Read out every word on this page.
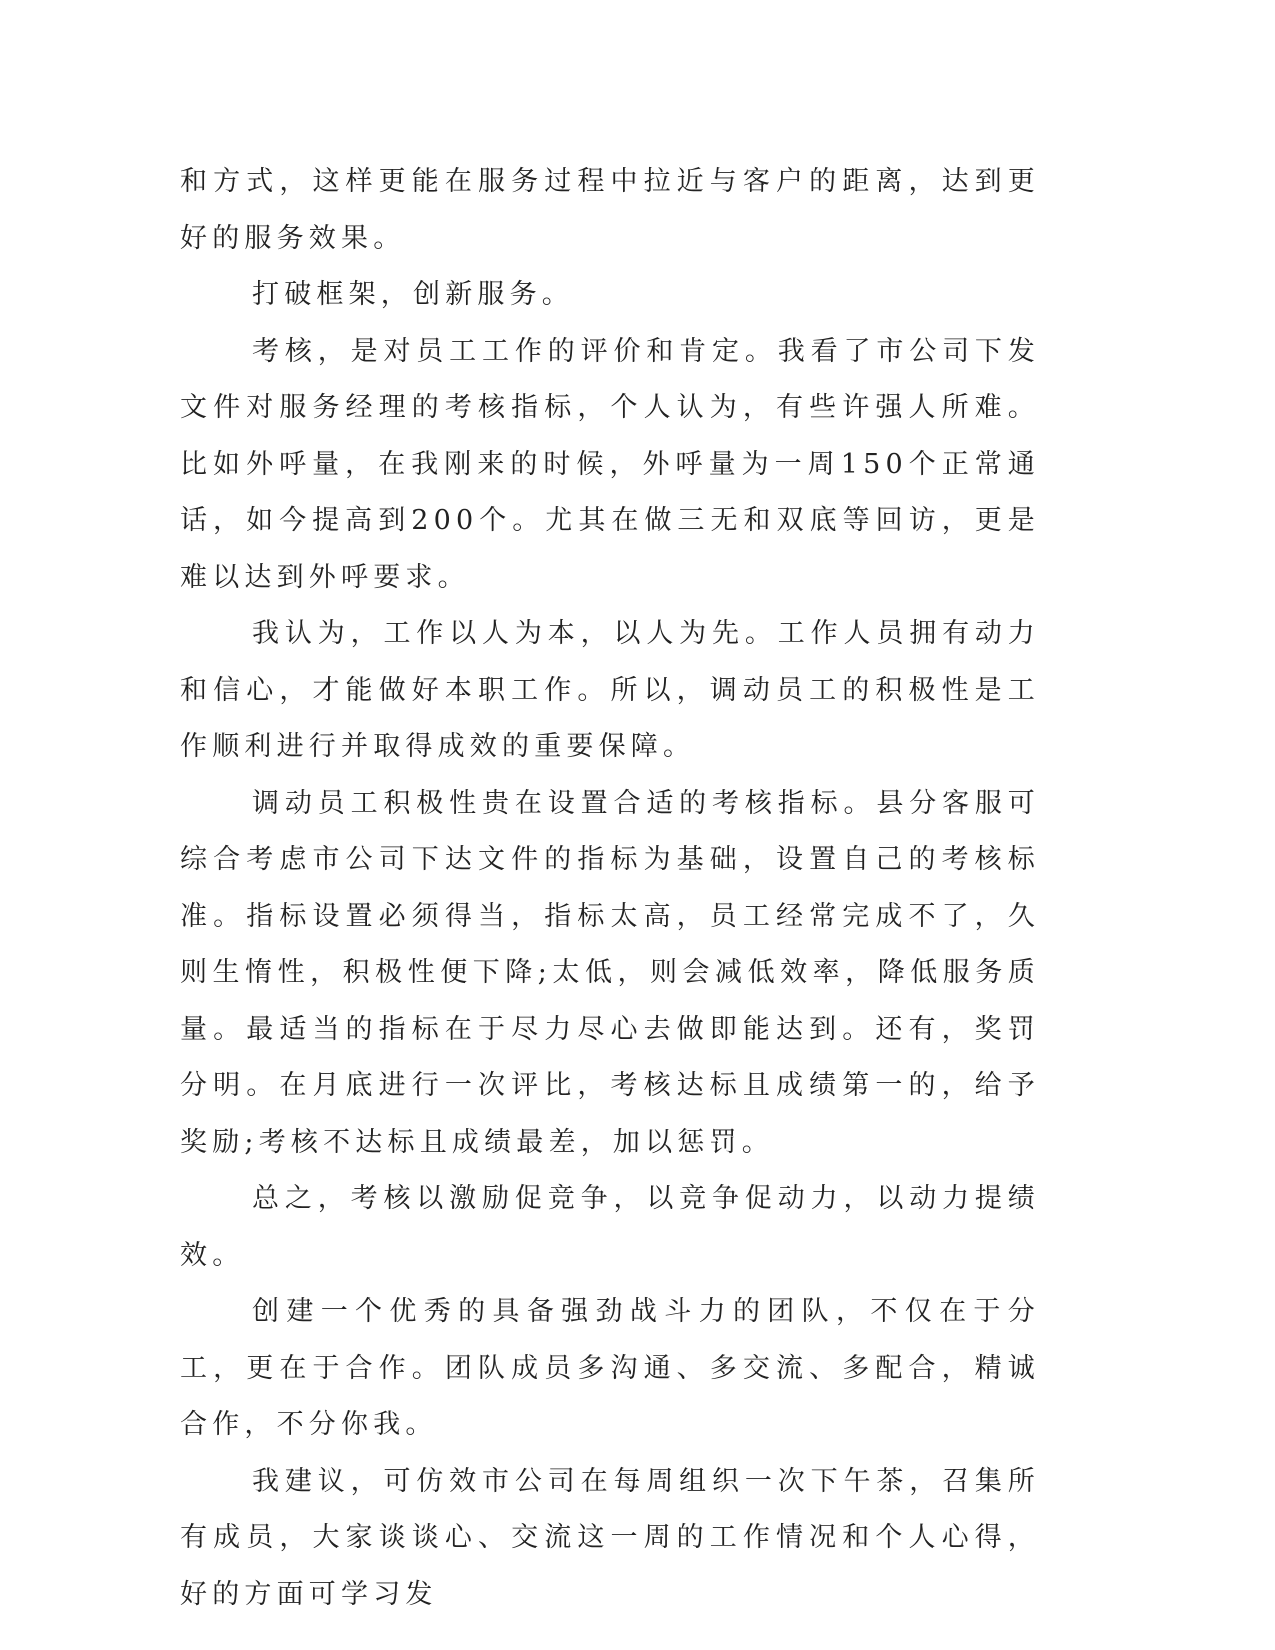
和方式，这样更能在服务过程中拉近与客户的距离，达到更好的服务效果。

打破框架，创新服务。

考核，是对员工工作的评价和肯定。我看了市公司下发文件对服务经理的考核指标，个人认为，有些许强人所难。比如外呼量，在我刚来的时候，外呼量为一周150个正常通话，如今提高到200个。尤其在做三无和双底等回访，更是难以达到外呼要求。

我认为，工作以人为本，以人为先。工作人员拥有动力和信心，才能做好本职工作。所以，调动员工的积极性是工作顺利进行并取得成效的重要保障。

调动员工积极性贵在设置合适的考核指标。县分客服可综合考虑市公司下达文件的指标为基础，设置自己的考核标准。指标设置必须得当，指标太高，员工经常完成不了，久则生惰性，积极性便下降;太低，则会减低效率，降低服务质量。最适当的指标在于尽力尽心去做即能达到。还有，奖罚分明。在月底进行一次评比，考核达标且成绩第一的，给予奖励;考核不达标且成绩最差，加以惩罚。

总之，考核以激励促竞争，以竞争促动力，以动力提绩效。

创建一个优秀的具备强劲战斗力的团队，不仅在于分工，更在于合作。团队成员多沟通、多交流、多配合，精诚合作，不分你我。

我建议，可仿效市公司在每周组织一次下午茶，召集所有成员，大家谈谈心、交流这一周的工作情况和个人心得，好的方面可学习发
